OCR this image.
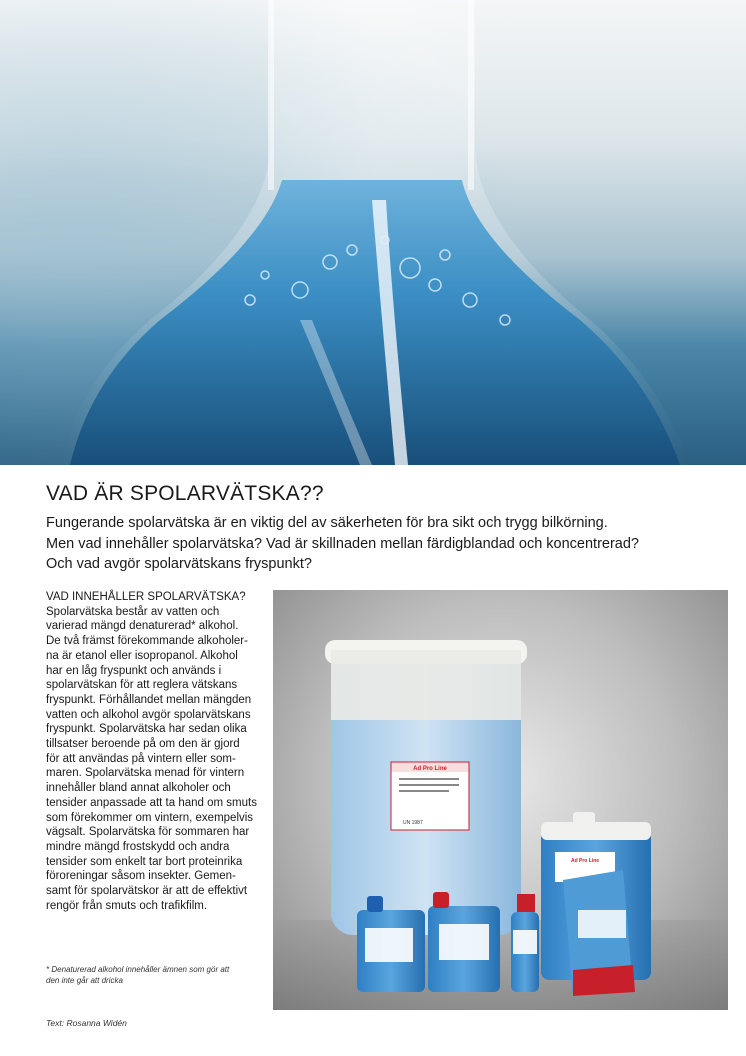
VAD ÄR SPOLARVÄTSKA??

Fungerande spolarvätska är en viktig del av säkerheten för bra sikt och trygg bilkörning.
Men vad innehåller spolarvätska? Vad är skillnaden mellan färdigblandad och koncentrerad?
Och vad avgör spolarvätskans fryspunkt?

VAD INNEHÅLLER SPOLARVÄTSKA?
Spolarvätska består av vatten och
varierad mängd denaturerad* alkohol.
De två främst förekommande alkoholer-
na är etanol eller isopropanol. Alkohol
har en låg fryspunkt och används i
spolarvätskan för att reglera vätskans
fryspunkt. Förhållandet mellan mängden
vatten och alkohol avgör spolarvätskans
fryspunkt. Spolarvätska har sedan olika
tillsatser beroende på om den är gjord
för att användas på vintern eller som-
maren. Spolarvätska menad för vintern
innehåller bland annat alkoholer och
tensider anpassade att ta hand om smuts
som förekommer om vintern, exempelvis
vägsalt. Spolarvätska för sommaren har
mindre mängd frostskydd och andra
tensider som enkelt tar bort proteinrika
föroreningar såsom insekter. Gemen-
samt för spolarvätskor är att de effektivt
rengör från smuts och trafikfilm.
* Denaturerad alkohol innehåller ämnen som gör att
den inte går att dricka
Text: Rosanna Widén
Ad Pro Line
UN 1987
Ad Pro Line
